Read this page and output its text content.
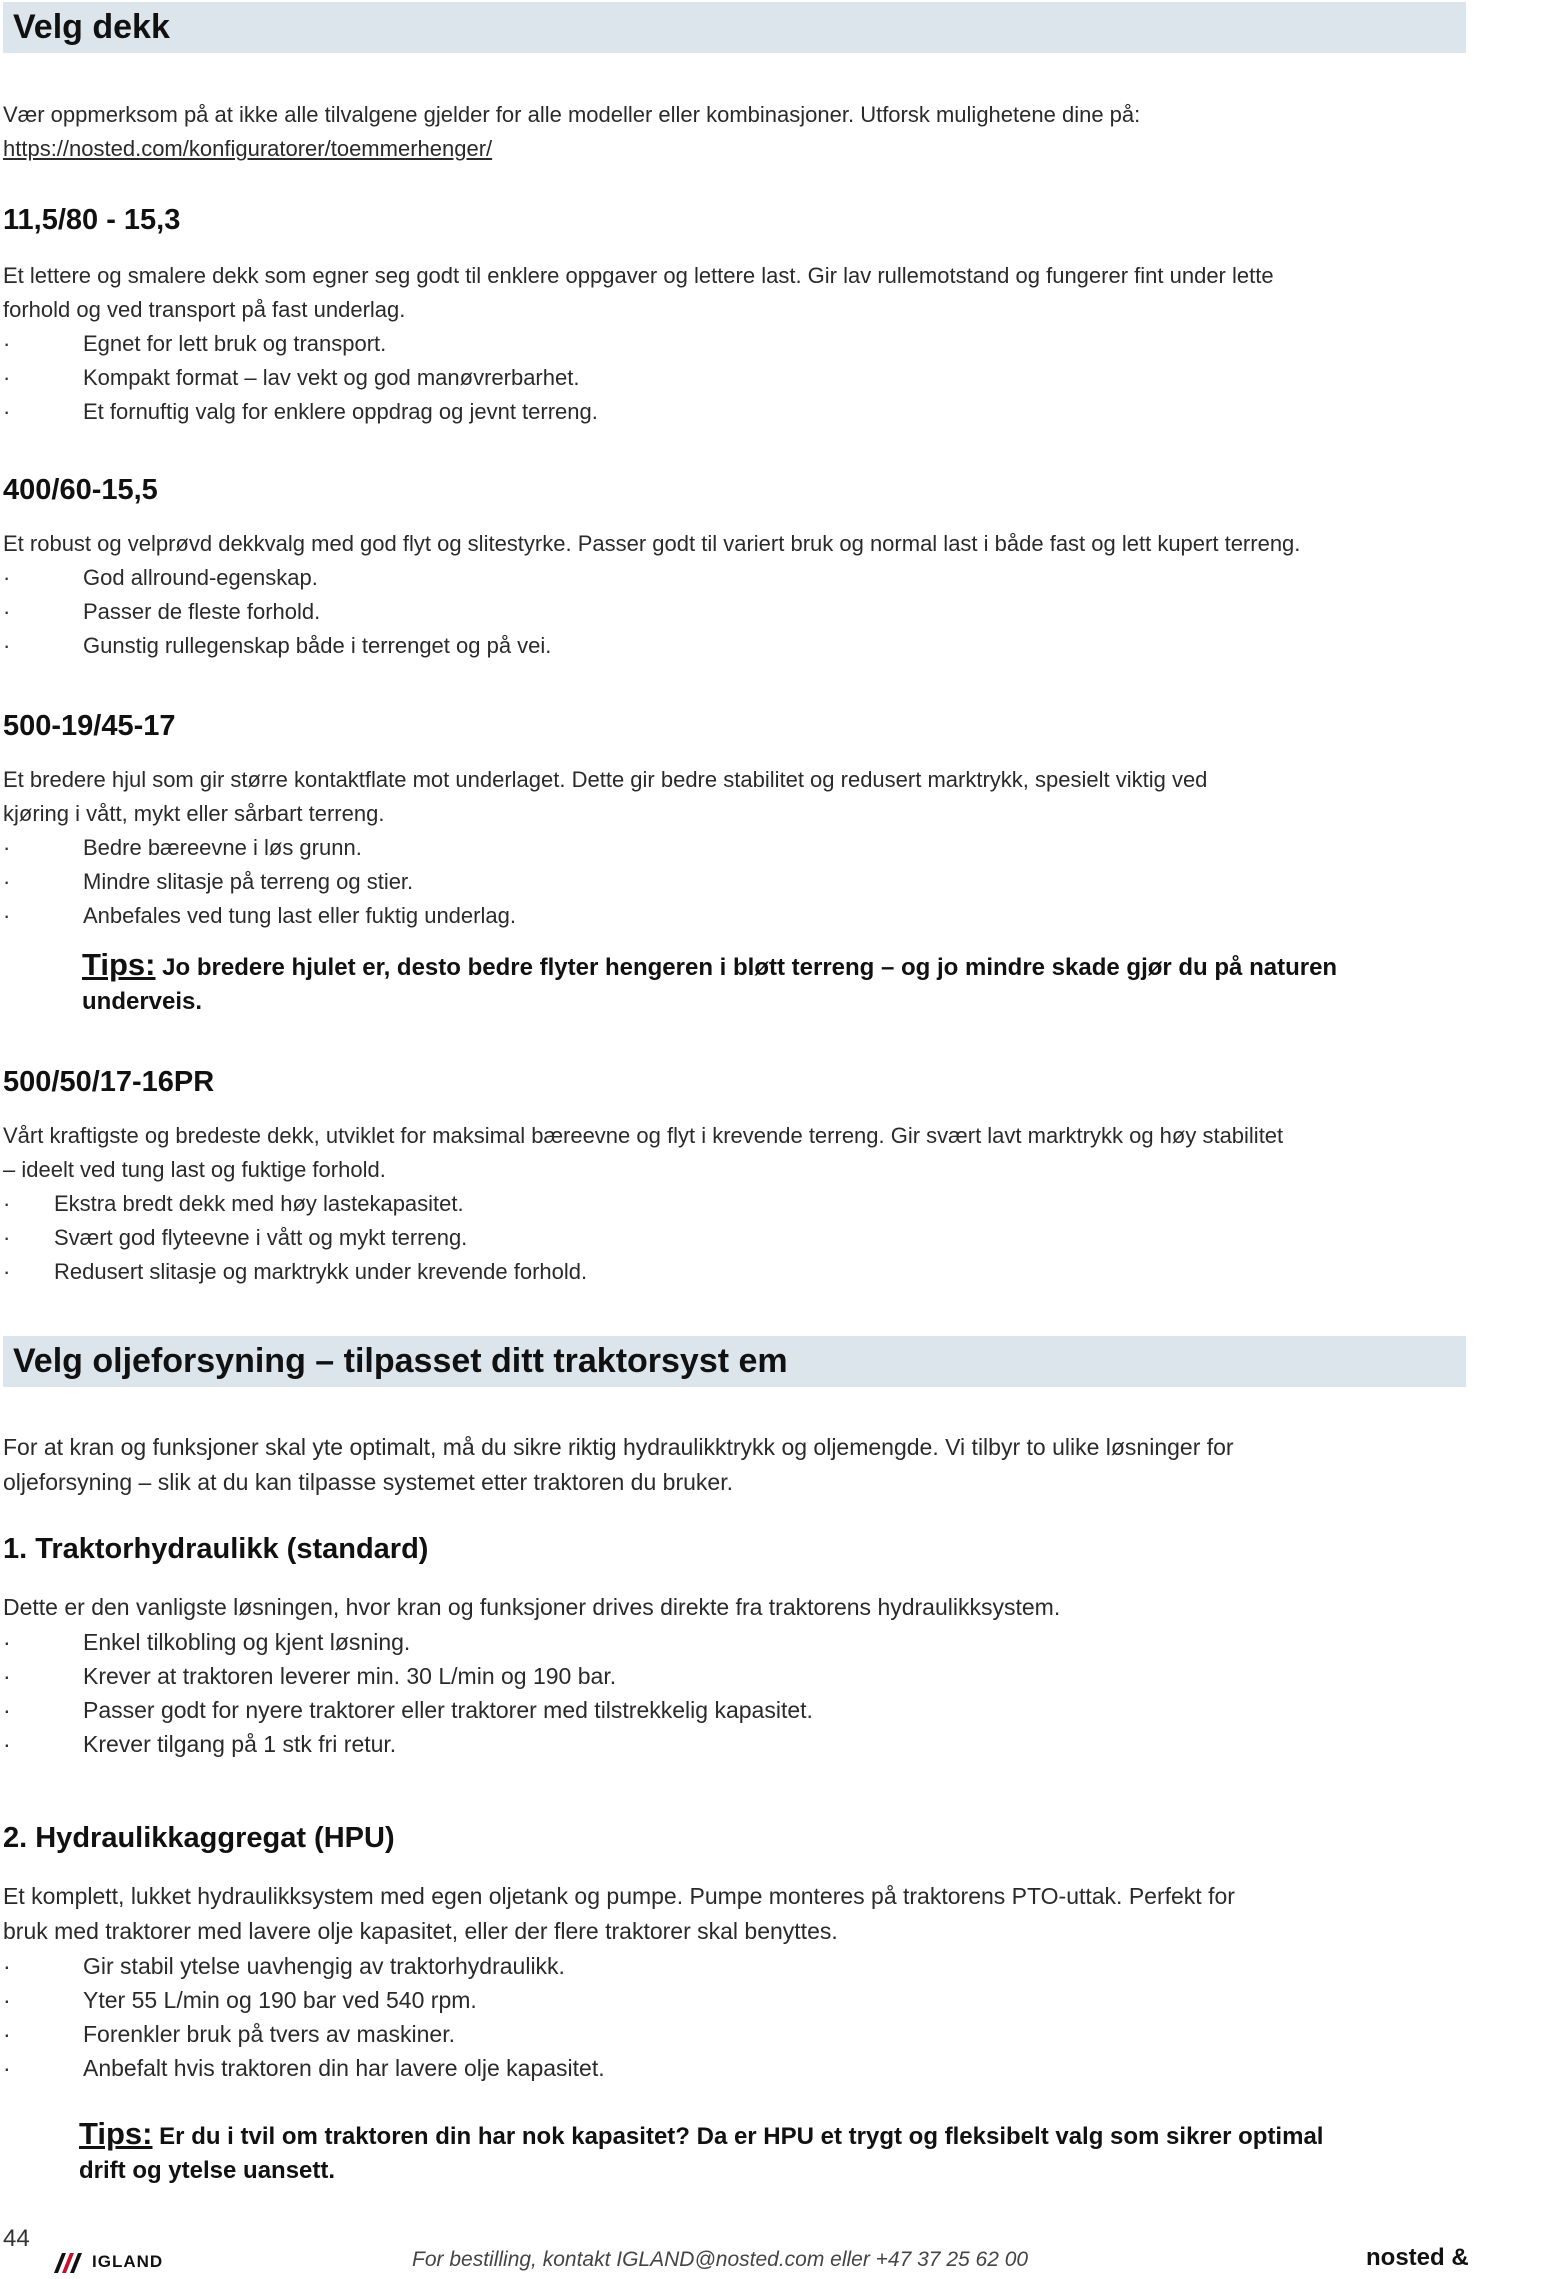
Velg dekk

Vær oppmerksom på at ikke alle tilvalgene gjelder for alle modeller eller kombinasjoner. Utforsk mulighetene dine på:

https://nosted.com/konfiguratorer/toemmerhenger/

11,5/80 - 15,3

Et lettere og smalere dekk som egner seg godt til enklere oppgaver og lettere last. Gir lav rullemotstand og fungerer fint under lette

forhold og ved transport på fast underlag.

·	Egnet for lett bruk og transport.
·	Kompakt format – lav vekt og god manøvrerbarhet.
·	Et fornuftig valg for enklere oppdrag og jevnt terreng.

400/60-15,5

Et robust og velprøvd dekkvalg med god flyt og slitestyrke. Passer godt til variert bruk og normal last i både fast og lett kupert terreng.

·	God allround-egenskap.
·	Passer de fleste forhold.
·	Gunstig rullegenskap både i terrenget og på vei.

500-19/45-17

Et bredere hjul som gir større kontaktflate mot underlaget. Dette gir bedre stabilitet og redusert marktrykk, spesielt viktig ved

kjøring i vått, mykt eller sårbart terreng.

·	Bedre bæreevne i løs grunn.
·	Mindre slitasje på terreng og stier.
·	Anbefales ved tung last eller fuktig underlag.
Tips: Jo bredere hjulet er, desto bedre flyter hengeren i bløtt terreng – og jo mindre skade gjør du på naturen
underveis.

500/50/17-16PR

Vårt kraftigste og bredeste dekk, utviklet for maksimal bæreevne og flyt i krevende terreng. Gir svært lavt marktrykk og høy stabilitet

– ideelt ved tung last og fuktige forhold.

· Ekstra bredt dekk med høy lastekapasitet.
· Svært god flyteevne i vått og mykt terreng.
· Redusert slitasje og marktrykk under krevende forhold.
Velg oljeforsyning – tilpasset ditt traktorsyst em

For at kran og funksjoner skal yte optimalt, må du sikre riktig hydraulikktrykk og oljemengde. Vi tilbyr to ulike løsninger for

oljeforsyning – slik at du kan tilpasse systemet etter traktoren du bruker.

1. Traktorhydraulikk (standard)

Dette er den vanligste løsningen, hvor kran og funksjoner drives direkte fra traktorens hydraulikksystem.

·	Enkel tilkobling og kjent løsning.
·	Krever at traktoren leverer min. 30 L/min og 190 bar.
·	Passer godt for nyere traktorer eller traktorer med tilstrekkelig kapasitet.
·	Krever tilgang på 1 stk fri retur.

2. Hydraulikkaggregat (HPU)

Et komplett, lukket hydraulikksystem med egen oljetank og pumpe. Pumpe monteres på traktorens PTO-uttak. Perfekt for

bruk med traktorer med lavere olje kapasitet, eller der flere traktorer skal benyttes.

·	Gir stabil ytelse uavhengig av traktorhydraulikk.
·	Yter 55 L/min og 190 bar ved 540 rpm.
·	Forenkler bruk på tvers av maskiner.
·	Anbefalt hvis traktoren din har lavere olje kapasitet.
Tips: Er du i tvil om traktoren din har nok kapasitet? Da er HPU et trygt og fleksibelt valg som sikrer optimal
drift og ytelse uansett.
44
IGLAND	For bestilling, kontakt IGLAND@nosted.com eller +47 37 25 62 00	nosted &
